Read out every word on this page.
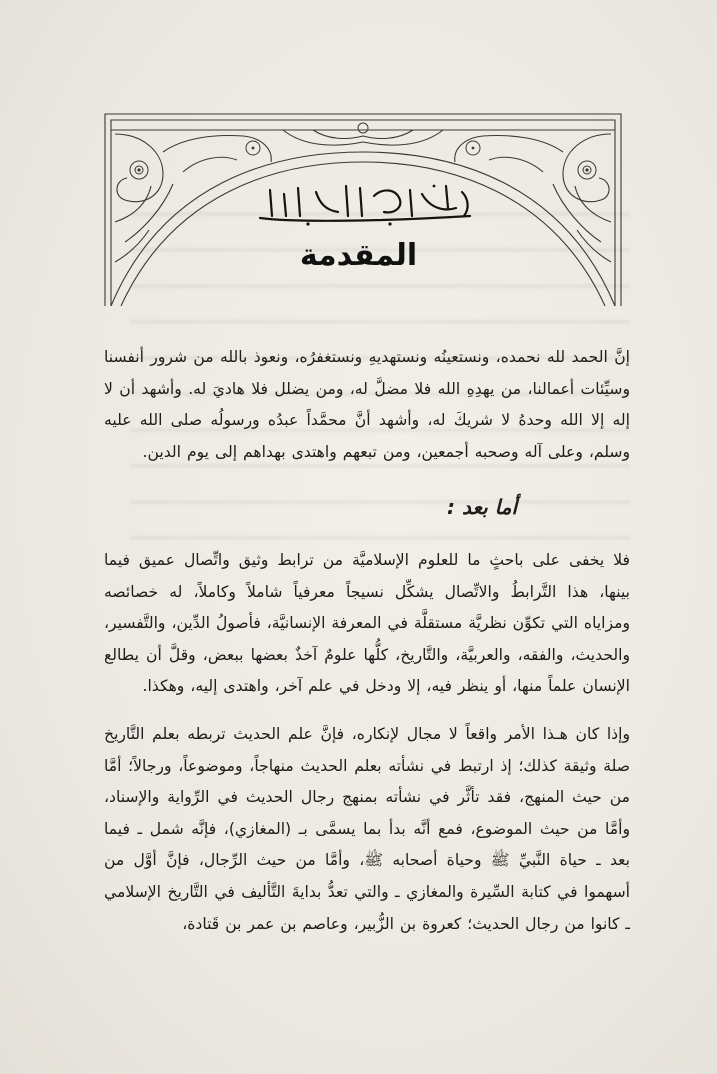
المقدمة

إنَّ الحمد لله نحمده، ونستعينُه ونستهديهِ ونستغفرُه، ونعوذ بالله من شرور أنفسنا وسيِّئات أعمالنا، من يهدِهِ الله فلا مضلَّ له، ومن يضلل فلا هاديَ له. وأشهد أن لا إله إلا الله وحدهُ لا شريكَ له، وأشهد أنَّ محمَّداً عبدُه ورسولُه صلى الله عليه وسلم، وعلى آله وصحبه أجمعين، ومن تبعهم واهتدى بهداهم إلى يوم الدين.

أما بعد :

فلا يخفى على باحثٍ ما للعلوم الإسلاميَّة من ترابط وثيق واتِّصال عميق فيما بينها، هذا التَّرابطُ والاتِّصال يشكِّل نسيجاً معرفياً شاملاً وكاملاً، له خصائصه ومزاياه التي تكوِّن نظريَّة مستقلَّة في المعرفة الإنسانيَّة، فأصولُ الدِّين، والتَّفسير، والحديث، والفقه، والعربيَّة، والتَّاريخ، كلُّها علومٌ آخذٌ بعضها ببعض، وقلَّ أن يطالع الإنسان علماً منها، أو ينظر فيه، إلا ودخل في علم آخر، واهتدى إليه، وهكذا.

وإذا كان هـذا الأمر واقعاً لا مجال لإنكاره، فإنَّ علم الحديث تربطه بعلم التَّاريخ صلة وثيقة كذلك؛ إذ ارتبط في نشأته بعلم الحديث منهاجاً، وموضوعاً، ورجالاً؛ أمَّا من حيث المنهج، فقد تأثَّر في نشأته بمنهج رجال الحديث في الرِّواية والإسناد، وأمَّا من حيث الموضوع، فمع أنَّه بدأ بما يسمَّى بـ (المغازي)، فإنَّه شمل ـ فيما بعد ـ حياة النَّبيِّ ﷺ وحياة أصحابه ﷺ، وأمَّا من حيث الرِّجال، فإنَّ أوَّل من أسهموا في كتابة السِّيرة والمغازي ـ والتي تعدُّ بدايةَ التَّأليف في التَّاريخ الإسلامي ـ كانوا من رجال الحديث؛ كعروة بن الزُّبير، وعاصم بن عمر بن قَتادة،
